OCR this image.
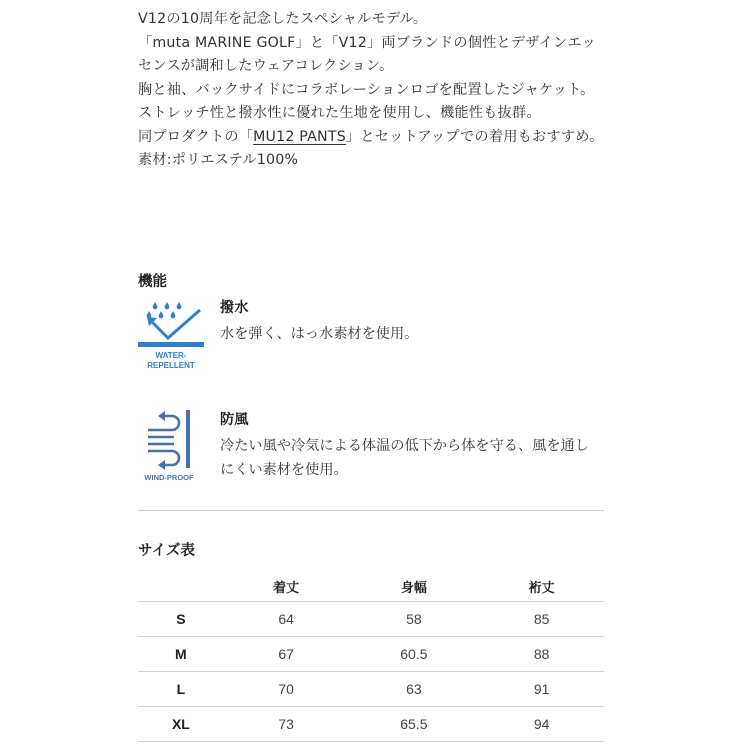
V12の10周年を記念したスペシャルモデル。

「muta MARINE GOLF」と「V12」両ブランドの個性とデザインエッセンスが調和したウェアコレクション。

胸と袖、バックサイドにコラボレーションロゴを配置したジャケット。

ストレッチ性と撥水性に優れた生地を使用し、機能性も抜群。

同プロダクトの「MU12 PANTS」とセットアップでの着用もおすすめ。

素材:ポリエステル100%

機能
WATER-
REPELLENT
撥水
水を弾く、はっ水素材を使用。
WIND-PROOF
防風
冷たい風や冷気による体温の低下から体を守る、風を通しにくい素材を使用。
サイズ表
	着丈	身幅	裄丈
S	64	58	85
M	67	60.5	88
L	70	63	91
XL	73	65.5	94
